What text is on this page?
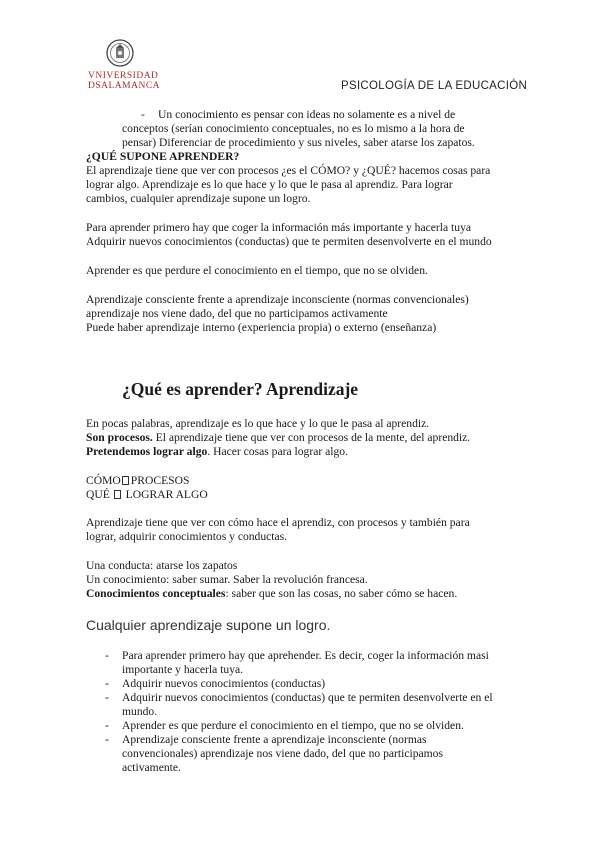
VNIVERSIDAD
DSALAMANCA	PSICOLOGÍA DE LA EDUCACIÓN
- Un conocimiento es pensar con ideas no solamente es a nivel de
conceptos (serían conocimiento conceptuales, no es lo mismo a la hora de
pensar) Diferenciar de procedimiento y sus niveles, saber atarse los zapatos.
¿QUÉ SUPONE APRENDER?
El aprendizaje tiene que ver con procesos ¿es el CÓMO? y ¿QUÉ? hacemos cosas para
lograr algo. Aprendizaje es lo que hace y lo que le pasa al aprendiz. Para lograr
cambios, cualquier aprendizaje supone un logro.
Para aprender primero hay que coger la información más importante y hacerla tuya
Adquirir nuevos conocimientos (conductas) que te permiten desenvolverte en el mundo
Aprender es que perdure el conocimiento en el tiempo, que no se olviden.
Aprendizaje consciente frente a aprendizaje inconsciente (normas convencionales)
aprendizaje nos viene dado, del que no participamos activamente
Puede haber aprendizaje interno (experiencia propia) o externo (enseñanza)
¿Qué es aprender? Aprendizaje
En pocas palabras, aprendizaje es lo que hace y lo que le pasa al aprendiz.
Son procesos. El aprendizaje tiene que ver con procesos de la mente, del aprendiz.
Pretendemos lograr algo. Hacer cosas para lograr algo.
CÓMO PROCESOS
QUÉ LOGRAR ALGO
Aprendizaje tiene que ver con cómo hace el aprendiz, con procesos y también para
lograr, adquirir conocimientos y conductas.
Una conducta: atarse los zapatos
Un conocimiento: saber sumar. Saber la revolución francesa.
Conocimientos conceptuales: saber que son las cosas, no saber cómo se hacen.
Cualquier aprendizaje supone un logro.
- Para aprender primero hay que aprehender. Es decir, coger la información masi
importante y hacerla tuya.
- Adquirir nuevos conocimientos (conductas)
- Adquirir nuevos conocimientos (conductas) que te permiten desenvolverte en el
mundo.
- Aprender es que perdure el conocimiento en el tiempo, que no se olviden.
- Aprendizaje consciente frente a aprendizaje inconsciente (normas
convencionales) aprendizaje nos viene dado, del que no participamos
activamente.
